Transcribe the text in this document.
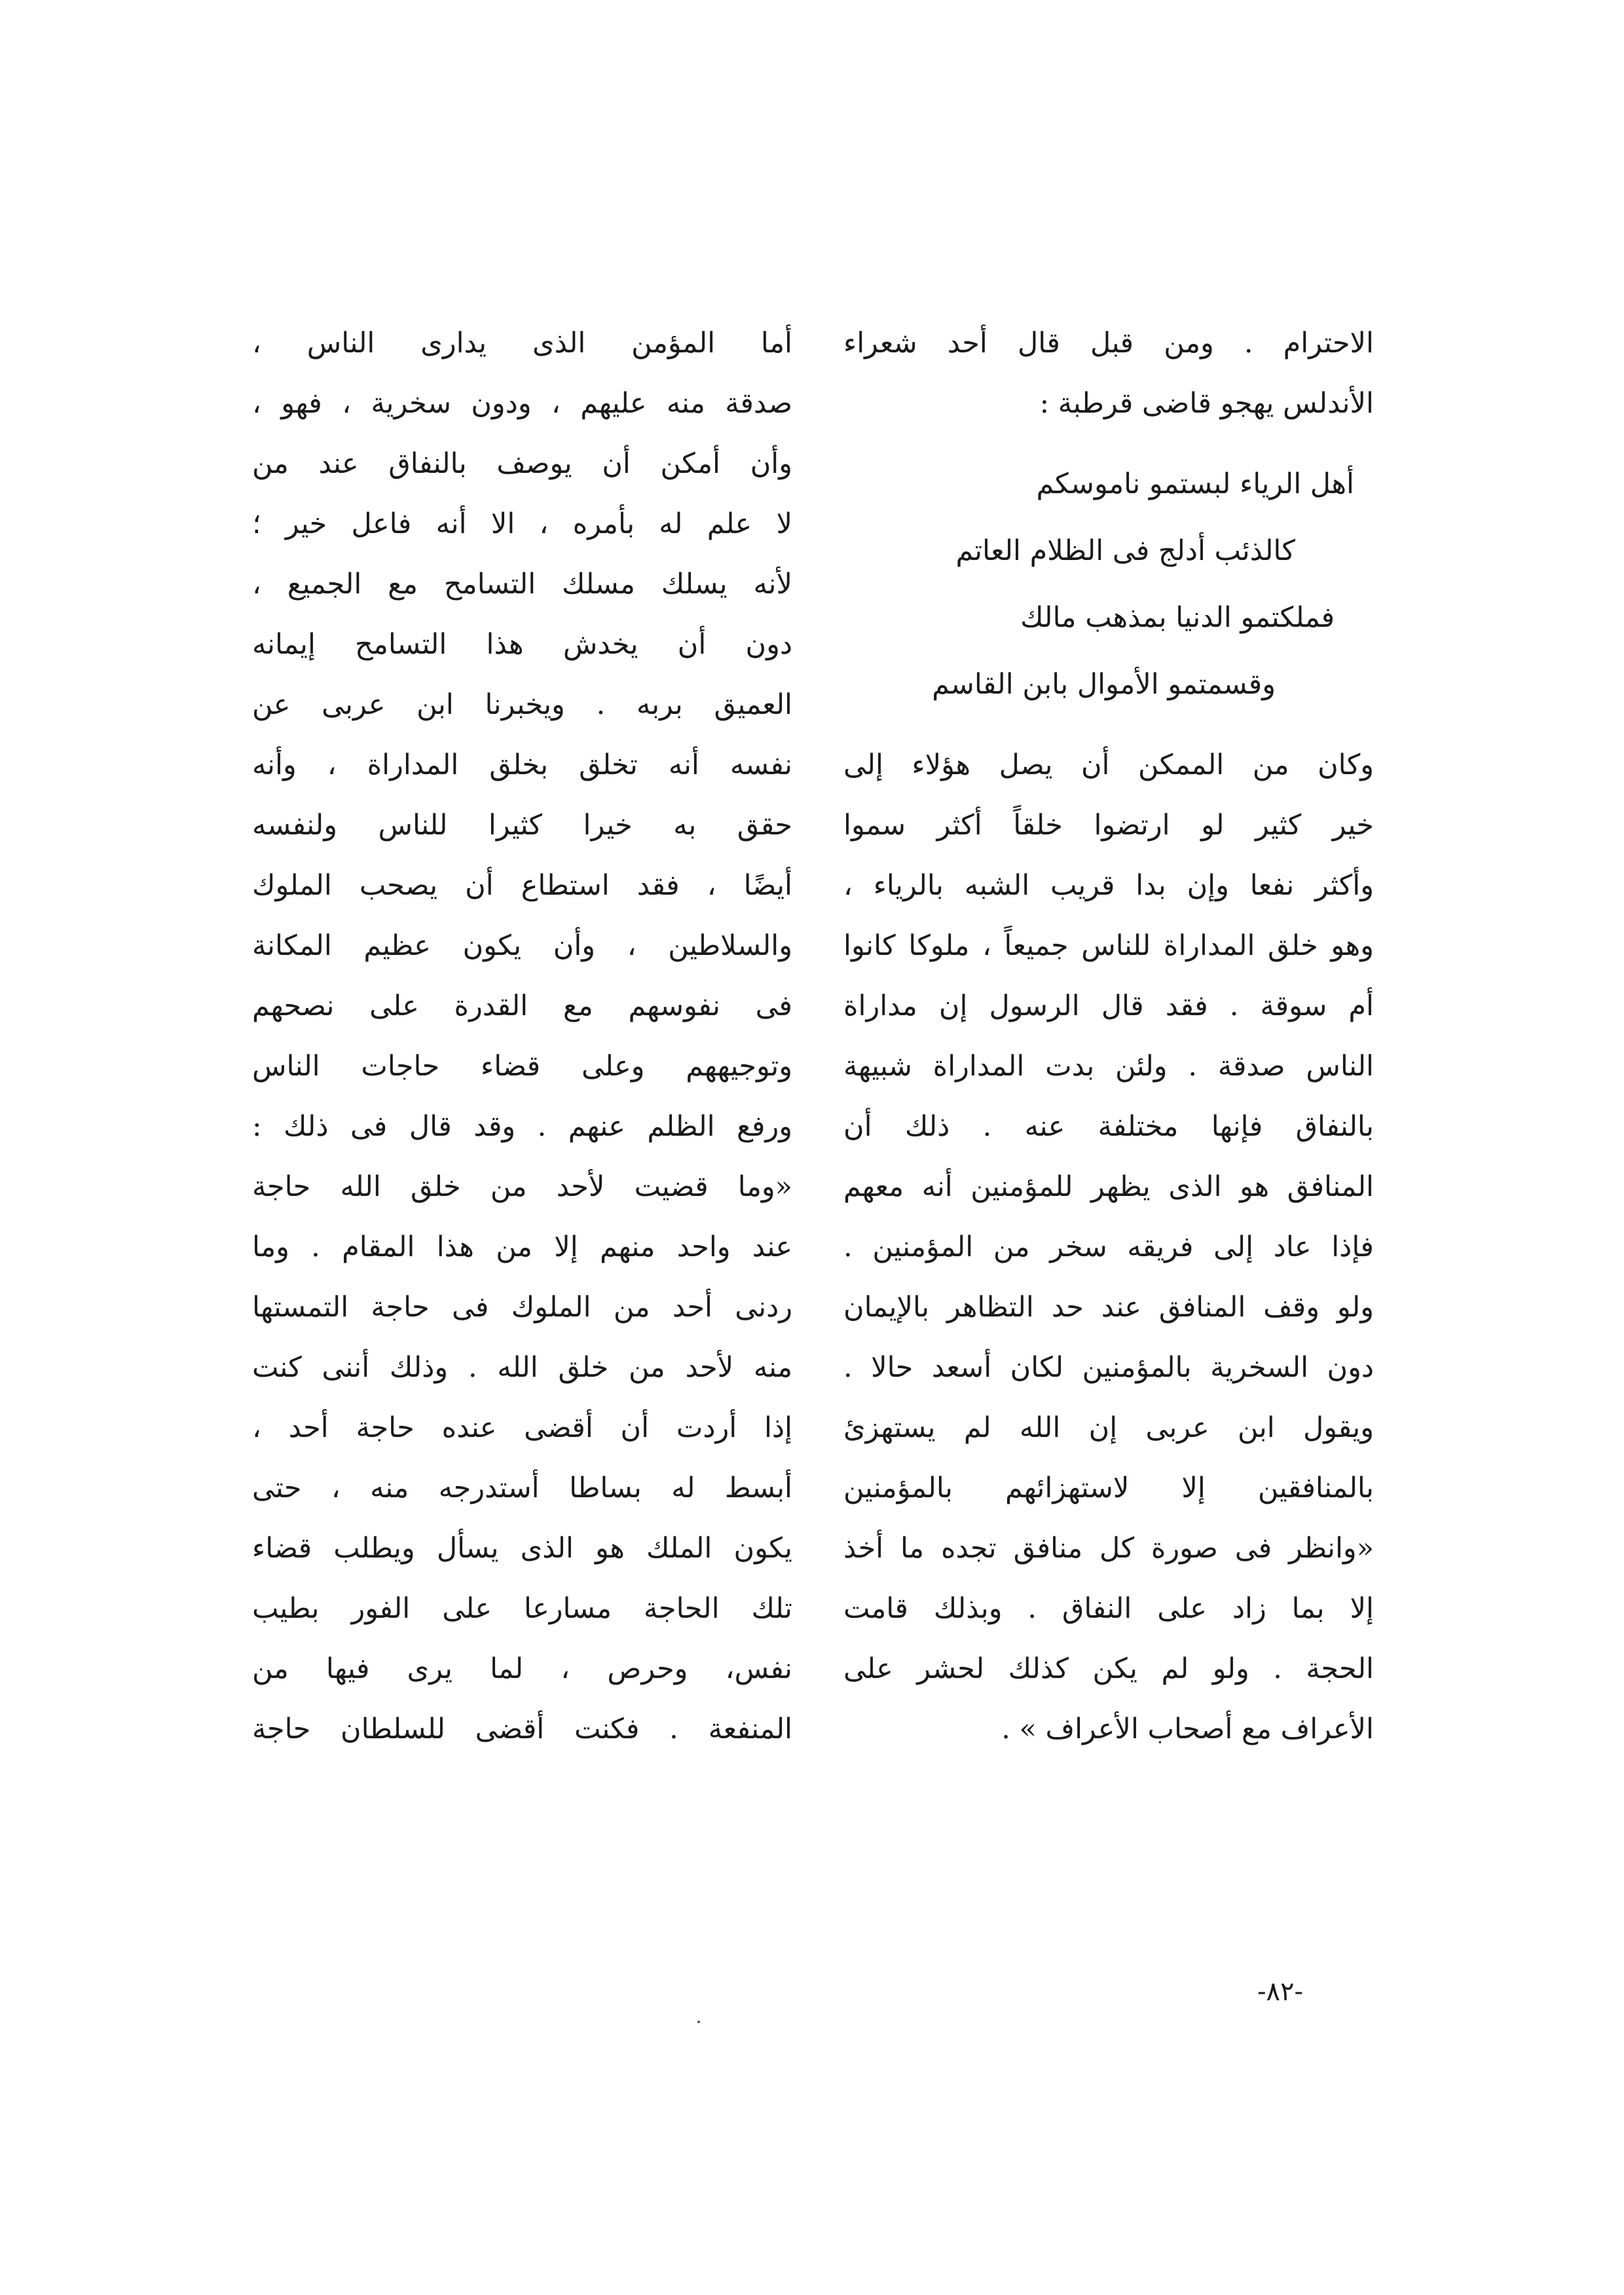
الاحترام . ومن قبل قال أحد شعراء
الأندلس يهجو قاضى قرطبة :
أهل الرياء لبستمو ناموسكم
كالذئب أدلج فى الظلام العاتم
فملكتمو الدنيا بمذهب مالك
وقسمتمو الأموال بابن القاسم
وكان من الممكن أن يصل هؤلاء إلى
خير كثير لو ارتضوا خلقاً أكثر سموا
وأكثر نفعا وإن بدا قريب الشبه بالرياء ،
وهو خلق المداراة للناس جميعاً ، ملوكا كانوا
أم سوقة . فقد قال الرسول إن مداراة
الناس صدقة . ولئن بدت المداراة شبيهة
بالنفاق فإنها مختلفة عنه . ذلك أن
المنافق هو الذى يظهر للمؤمنين أنه معهم
فإذا عاد إلى فريقه سخر من المؤمنين .
ولو وقف المنافق عند حد التظاهر بالإيمان
دون السخرية بالمؤمنين لكان أسعد حالا .
ويقول ابن عربى إن الله لم يستهزئ
بالمنافقين إلا لاستهزائهم بالمؤمنين
«وانظر فى صورة كل منافق تجده ما أخذ
إلا بما زاد على النفاق . وبذلك قامت
الحجة . ولو لم يكن كذلك لحشر على
الأعراف مع أصحاب الأعراف » .
أما المؤمن الذى يدارى الناس ،
صدقة منه عليهم ، ودون سخرية ، فهو ،
وأن أمكن أن يوصف بالنفاق عند من
لا علم له بأمره ، الا أنه فاعل خير ؛
لأنه يسلك مسلك التسامح مع الجميع ،
دون أن يخدش هذا التسامح إيمانه
العميق بربه . ويخبرنا ابن عربى عن
نفسه أنه تخلق بخلق المداراة ، وأنه
حقق به خيرا كثيرا للناس ولنفسه
أيضًا ، فقد استطاع أن يصحب الملوك
والسلاطين ، وأن يكون عظيم المكانة
فى نفوسهم مع القدرة على نصحهم
وتوجيههم وعلى قضاء حاجات الناس
ورفع الظلم عنهم . وقد قال فى ذلك :
«وما قضيت لأحد من خلق الله حاجة
عند واحد منهم إلا من هذا المقام . وما
ردنى أحد من الملوك فى حاجة التمستها
منه لأحد من خلق الله . وذلك أننى كنت
إذا أردت أن أقضى عنده حاجة أحد ،
أبسط له بساطا أستدرجه منه ، حتى
يكون الملك هو الذى يسأل ويطلب قضاء
تلك الحاجة مسارعا على الفور بطيب
نفس، وحرص ، لما يرى فيها من
المنفعة . فكنت أقضى للسلطان حاجة
-٨٢-
